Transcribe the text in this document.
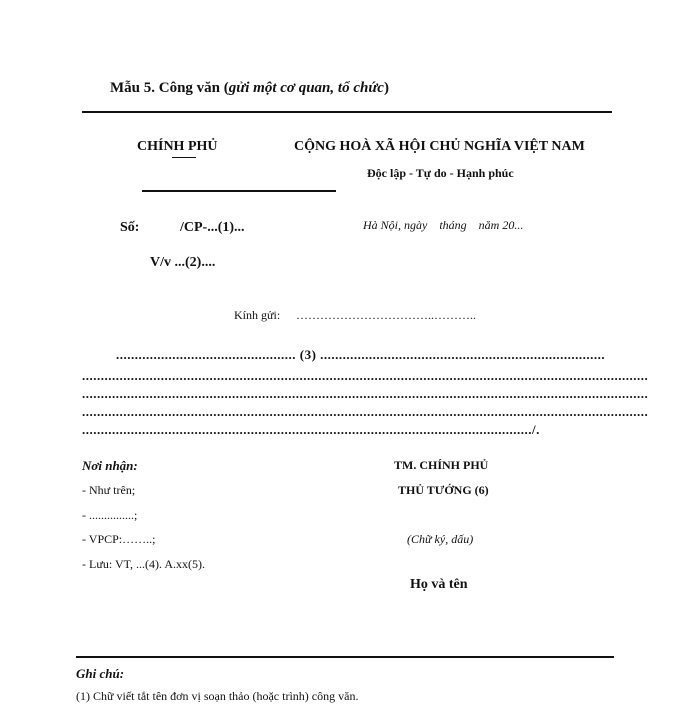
Mẫu 5. Công văn (gửi một cơ quan, tổ chức)
CHÍNH PHỦ	CỘNG HOÀ XÃ HỘI CHỦ NGHĨA VIỆT NAM
Độc lập - Tự do - Hạnh phúc
Số:	/CP-...(1)...
V/v ...(2)....
Hà Nội, ngày    tháng    năm 20...
Kính gửi: ……………………………..………..
................................................ (3) ............................................................................
.......................................................................................................................................................
.......................................................................................................................................................
.......................................................................................................................................................
......................................................................................................................../.
Nơi nhận:
- Như trên;
- ...............;
- VPCP:……..;
- Lưu: VT, ...(4). A.xx(5).
TM. CHÍNH PHỦ
THỦ TƯỚNG (6)
(Chữ ký, dấu)
Họ và tên
Ghi chú:
(1) Chữ viết tắt tên đơn vị soạn thảo (hoặc trình) công văn.
